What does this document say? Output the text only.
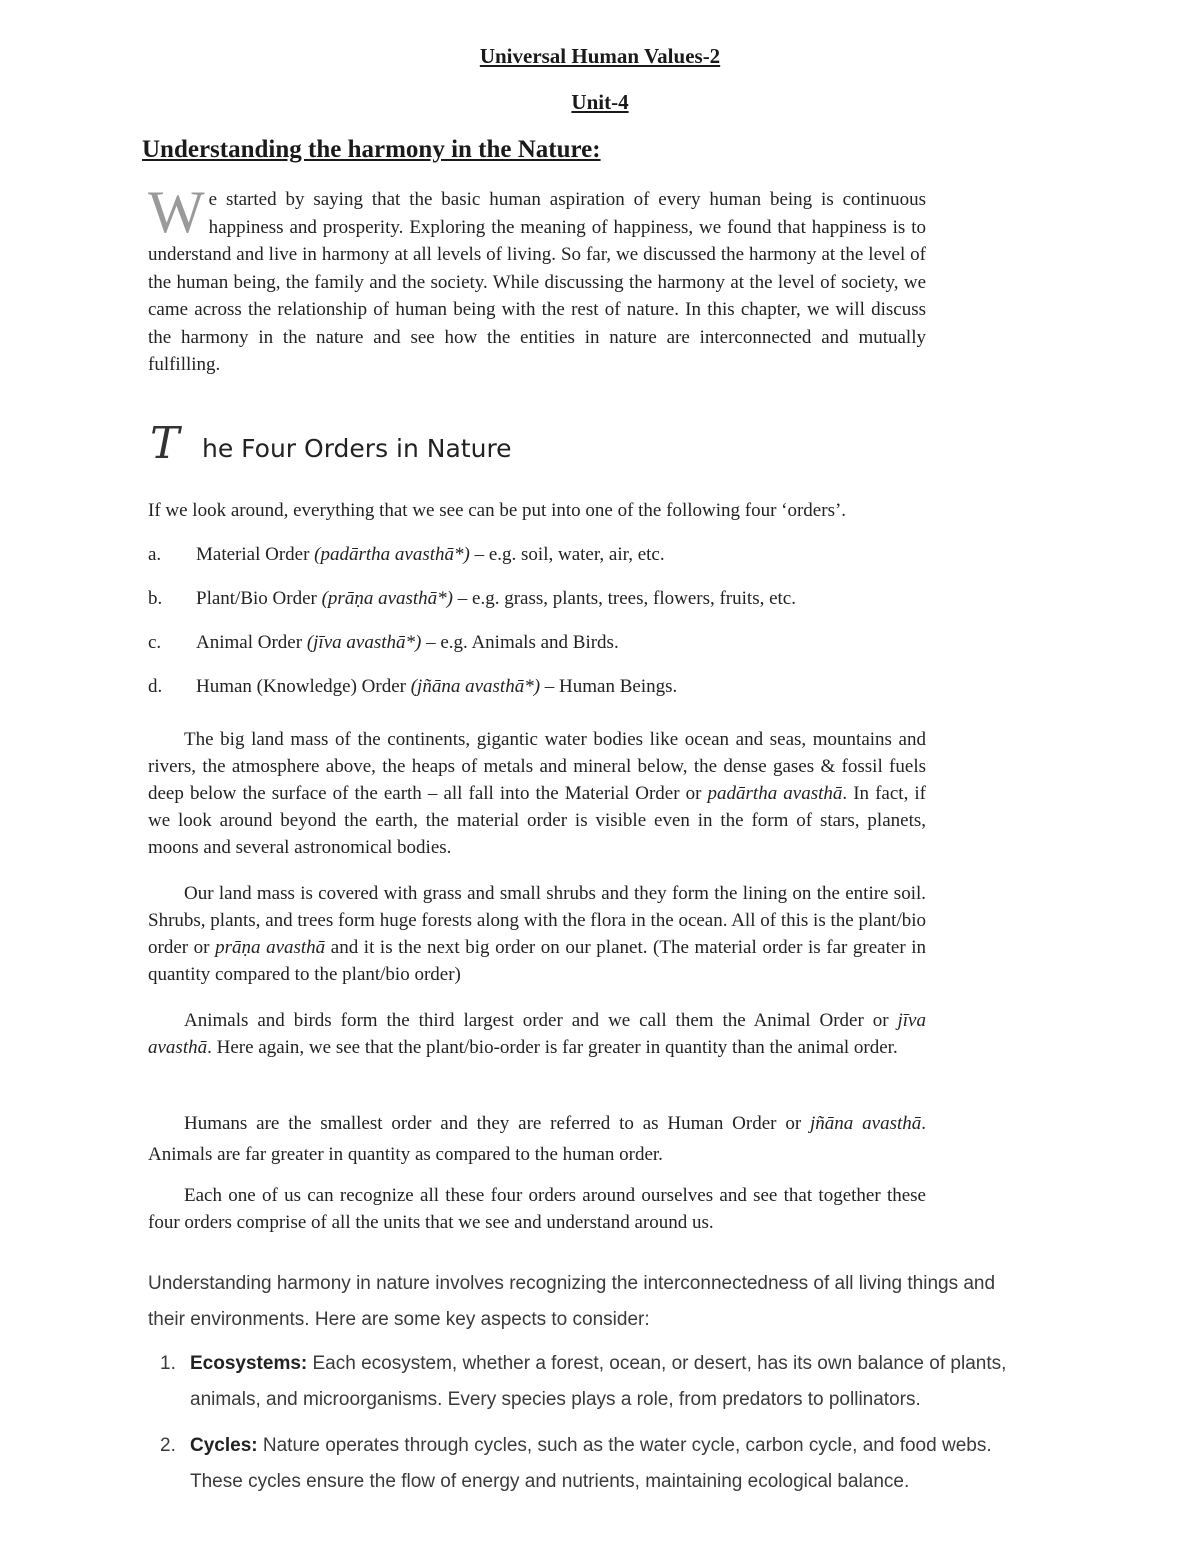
Universal Human Values-2
Unit-4
Understanding the harmony in the Nature:
We started by saying that the basic human aspiration of every human being is continuous happiness and prosperity. Exploring the meaning of happiness, we found that happiness is to understand and live in harmony at all levels of living. So far, we discussed the harmony at the level of the human being, the family and the society. While discussing the harmony at the level of society, we came across the relationship of human being with the rest of nature. In this chapter, we will discuss the harmony in the nature and see how the entities in nature are interconnected and mutually fulfilling.
T he Four Orders in Nature
If we look around, everything that we see can be put into one of the following four ‘orders’.
a. Material Order (padārtha avasthā*) – e.g. soil, water, air, etc.
b. Plant/Bio Order (prāṇa avasthā*) – e.g. grass, plants, trees, flowers, fruits, etc.
c. Animal Order (jīva avasthā*) – e.g. Animals and Birds.
d. Human (Knowledge) Order (jñāna avasthā*) – Human Beings.
The big land mass of the continents, gigantic water bodies like ocean and seas, mountains and rivers, the atmosphere above, the heaps of metals and mineral below, the dense gases & fossil fuels deep below the surface of the earth – all fall into the Material Order or padārtha avasthā. In fact, if we look around beyond the earth, the material order is visible even in the form of stars, planets, moons and several astronomical bodies.
Our land mass is covered with grass and small shrubs and they form the lining on the entire soil. Shrubs, plants, and trees form huge forests along with the flora in the ocean. All of this is the plant/bio order or prāṇa avasthā and it is the next big order on our planet. (The material order is far greater in quantity compared to the plant/bio order)
Animals and birds form the third largest order and we call them the Animal Order or jīva avasthā. Here again, we see that the plant/bio-order is far greater in quantity than the animal order.
Humans are the smallest order and they are referred to as Human Order or jñāna avasthā. Animals are far greater in quantity as compared to the human order.
Each one of us can recognize all these four orders around ourselves and see that together these four orders comprise of all the units that we see and understand around us.
Understanding harmony in nature involves recognizing the interconnectedness of all living things and their environments. Here are some key aspects to consider:
1. Ecosystems: Each ecosystem, whether a forest, ocean, or desert, has its own balance of plants, animals, and microorganisms. Every species plays a role, from predators to pollinators.
2. Cycles: Nature operates through cycles, such as the water cycle, carbon cycle, and food webs. These cycles ensure the flow of energy and nutrients, maintaining ecological balance.
